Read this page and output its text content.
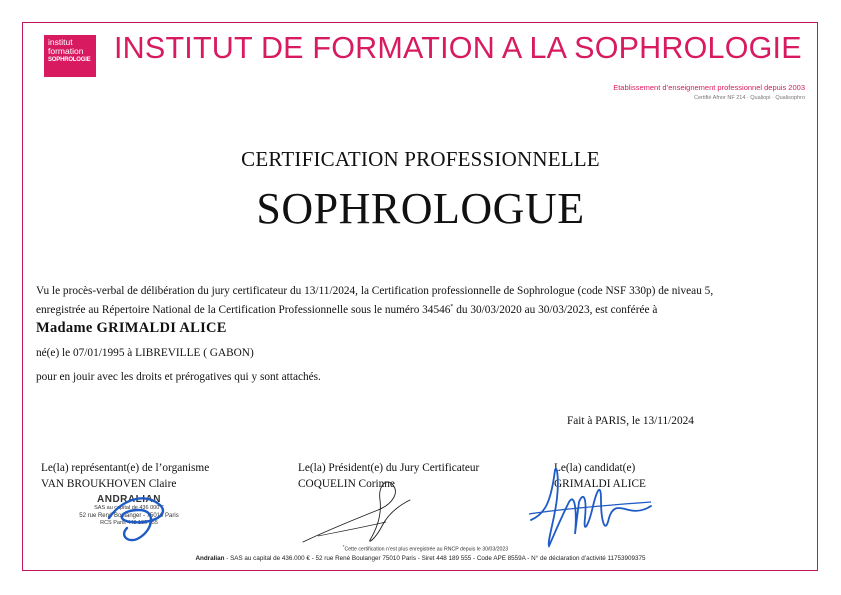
institut
formation
SOPHROLOGIE INSTITUT DE FORMATION A LA SOPHROLOGIE
Etablissement d’enseignement professionnel depuis 2003
Certifié Afnor NF 214 · Qualiopi · Qualisophro
CERTIFICATION PROFESSIONNELLE
SOPHROLOGUE
Vu le procès-verbal de délibération du jury certificateur du 13/11/2024, la Certification professionnelle de Sophrologue (code NSF 330p) de niveau 5,
enregistrée au Répertoire National de la Certification Professionnelle sous le numéro 34546* du 30/03/2020 au 30/03/2023, est conférée à
Madame GRIMALDI ALICE
né(e) le 07/01/1995 à LIBREVILLE ( GABON)
pour en jouir avec les droits et prérogatives qui y sont attachés.
Fait à PARIS, le 13/11/2024
Le(la) représentant(e) de l’organisme
VAN BROUKHOVEN Claire
Le(la) Président(e) du Jury Certificateur
COQUELIN Corinne
Le(la) candidat(e)
GRIMALDI ALICE
ANDRALIAN
SAS au capital de 436 000 €
52 rue René Boulanger - 75010 Paris
RCS Paris 448 189 555
*Cette certification n’est plus enregistrée au RNCP depuis le 30/03/2023
Andralian - SAS au capital de 436.000 € - 52 rue René Boulanger 75010 Paris - Siret 448 189 555 - Code APE 8559A - N° de déclaration d’activité 11753909375
